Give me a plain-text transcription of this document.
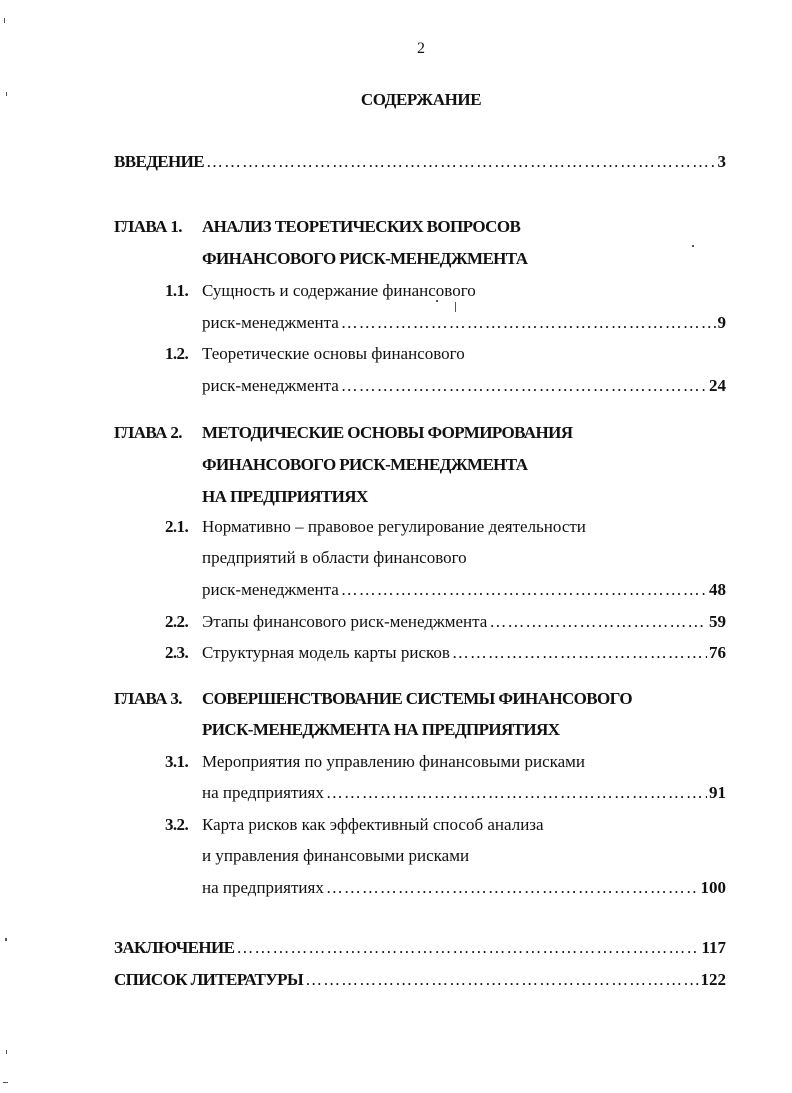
2
СОДЕРЖАНИЕ
ВВЕДЕНИЕ ……………………………………………………………………………………………………………………………………………………………………………	3
ГЛАВА 1. АНАЛИЗ ТЕОРЕТИЧЕСКИХ ВОПРОСОВ
ФИНАНСОВОГО РИСК-МЕНЕДЖМЕНТА
1.1. Сущность и содержание финансового
риск-менеджмента ……………………………………………………………………………………………………………………………………………………………………………	9
1.2. Теоретические основы финансового
риск-менеджмента ……………………………………………………………………………………………………………………………………………………………………………	24
ГЛАВА 2. МЕТОДИЧЕСКИЕ ОСНОВЫ ФОРМИРОВАНИЯ
ФИНАНСОВОГО РИСК-МЕНЕДЖМЕНТА
НА ПРЕДПРИЯТИЯХ
2.1. Нормативно – правовое регулирование деятельности
предприятий в области финансового
риск-менеджмента ……………………………………………………………………………………………………………………………………………………………………………	48
2.2. Этапы финансового риск-менеджмента ……………………………………………………………………………………………………………………………………………………………………………	59
2.3. Структурная модель карты рисков ……………………………………………………………………………………………………………………………………………………………………………	76
ГЛАВА 3. СОВЕРШЕНСТВОВАНИЕ СИСТЕМЫ ФИНАНСОВОГО
РИСК-МЕНЕДЖМЕНТА НА ПРЕДПРИЯТИЯХ
3.1. Мероприятия по управлению финансовыми рисками
на предприятиях ……………………………………………………………………………………………………………………………………………………………………………	91
3.2. Карта рисков как эффективный способ анализа
и управления финансовыми рисками
на предприятиях ……………………………………………………………………………………………………………………………………………………………………………	100
ЗАКЛЮЧЕНИЕ ……………………………………………………………………………………………………………………………………………………………………………	117
СПИСОК ЛИТЕРАТУРЫ ……………………………………………………………………………………………………………………………………………………………………………	122
